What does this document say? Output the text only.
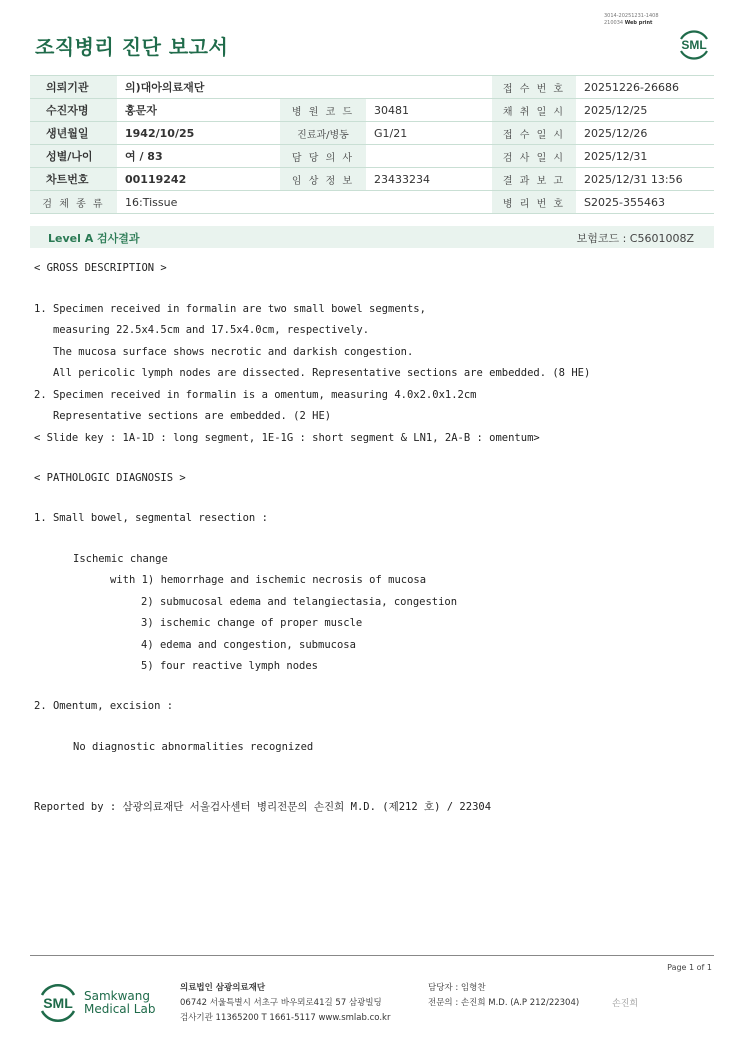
3014-20251231-1408
210034 Web print
조직병리 진단 보고서	SML
의뢰기관	의)대아의료재단			접 수 번 호	20251226-26686
수진자명	홍문자	병 원 코 드	30481	채 취 일 시	2025/12/25
생년월일	1942/10/25	진료과/병동	G1/21	접 수 일 시	2025/12/26
성별/나이	여 / 83	담 당 의 사		검 사 일 시	2025/12/31
차트번호	00119242	임 상 정 보	23433234	결 과 보 고	2025/12/31 13:56
검 체 종 류	16:Tissue			병 리 번 호	S2025-355463
Level A 검사결과	보험코드 : C5601008Z
< GROSS DESCRIPTION >
1. Specimen received in formalin are two small bowel segments,
measuring 22.5x4.5cm and 17.5x4.0cm, respectively.
The mucosa surface shows necrotic and darkish congestion.
All pericolic lymph nodes are dissected. Representative sections are embedded. (8 HE)
2. Specimen received in formalin is a omentum, measuring 4.0x2.0x1.2cm
Representative sections are embedded. (2 HE)
< Slide key : 1A-1D : long segment, 1E-1G : short segment & LN1, 2A-B : omentum>
< PATHOLOGIC DIAGNOSIS >
1. Small bowel, segmental resection :
Ischemic change
with 1) hemorrhage and ischemic necrosis of mucosa
2) submucosal edema and telangiectasia, congestion
3) ischemic change of proper muscle
4) edema and congestion, submucosa
5) four reactive lymph nodes
2. Omentum, excision :
No diagnostic abnormalities recognized
Reported by : 삼광의료재단 서울검사센터 병리전문의 손진희 M.D. (제212 호) / 22304
Page 1 of 1
SML Samkwang
Medical Lab
의료법인 삼광의료재단
06742 서울특별시 서초구 바우뫼로41길 57 삼광빌딩
검사기관 11365200 T 1661-5117 www.smlab.co.kr
담당자 : 임형찬
전문의 : 손진희 M.D. (A.P 212/22304)	손진희
